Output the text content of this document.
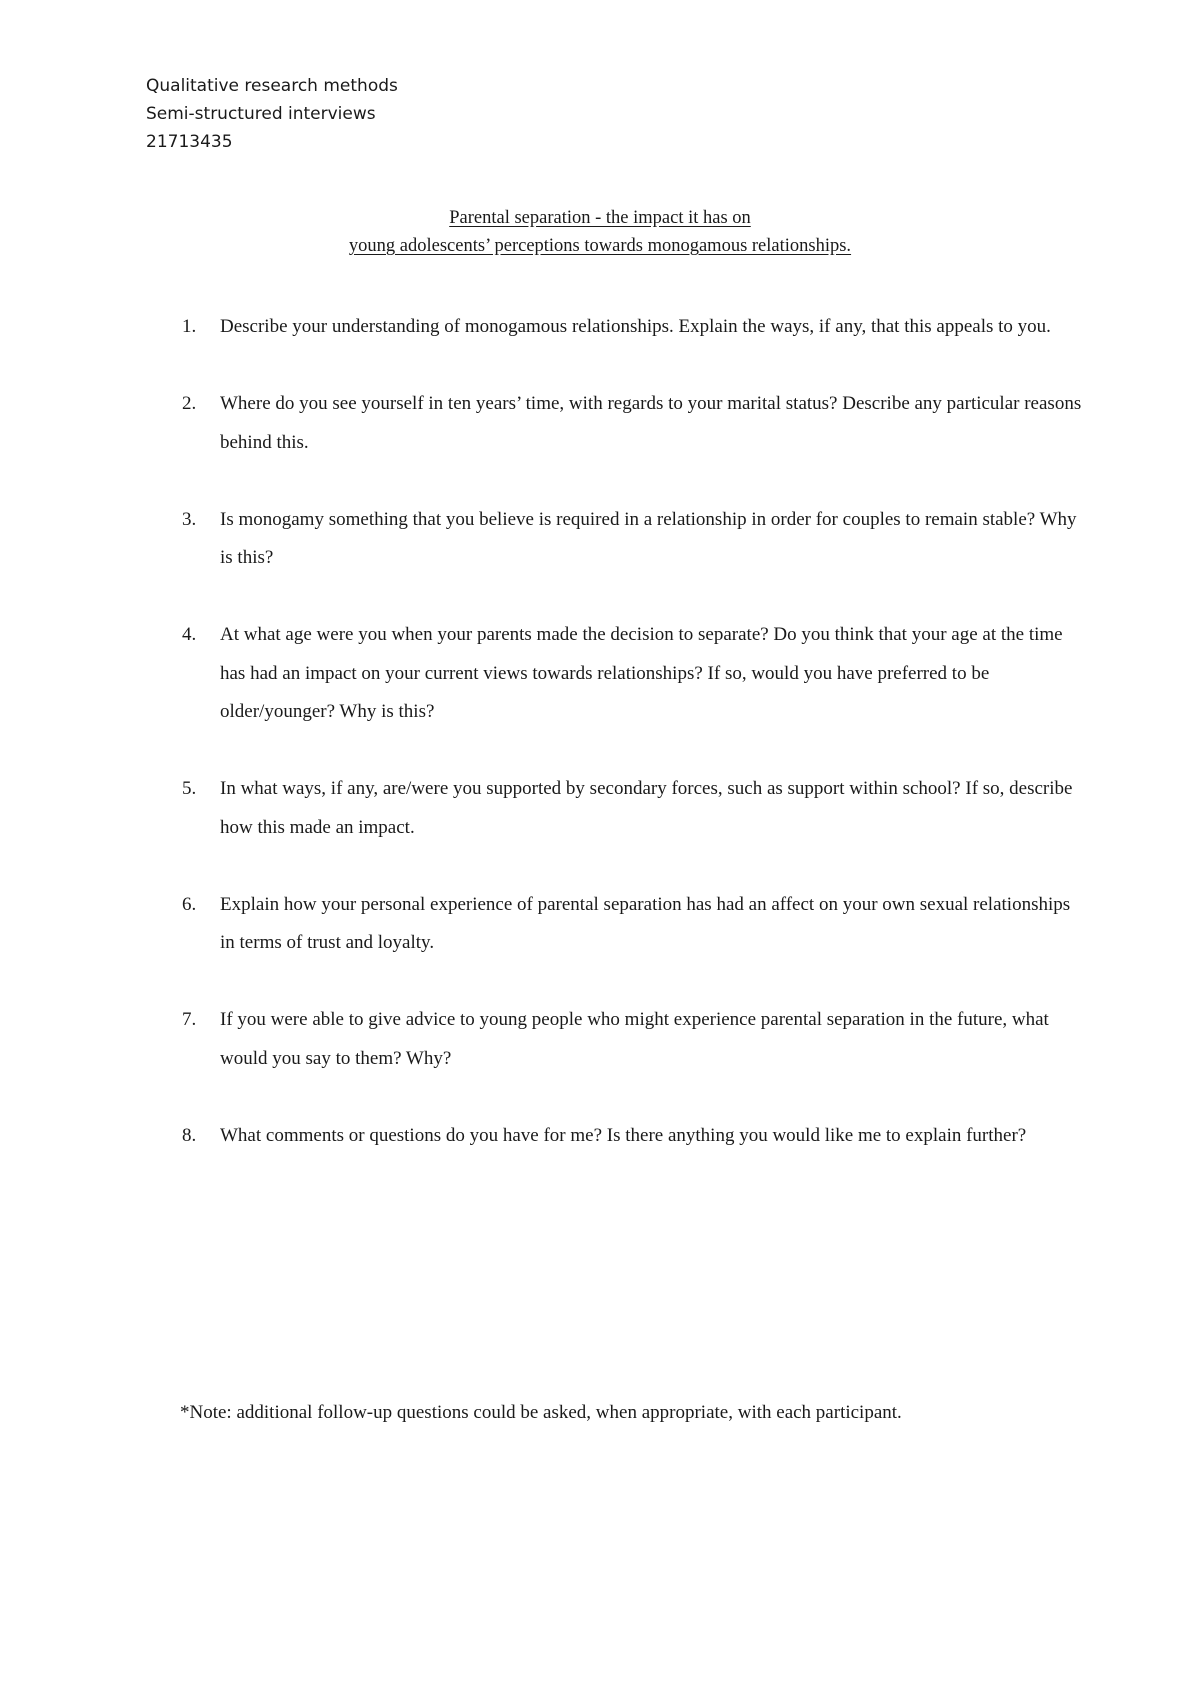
Qualitative research methods
Semi-structured interviews
21713435
Parental separation - the impact it has on
young adolescents’ perceptions towards monogamous relationships.
1. Describe your understanding of monogamous relationships. Explain the ways, if any, that this appeals to you.
2. Where do you see yourself in ten years’ time, with regards to your marital status? Describe any particular reasons behind this.
3. Is monogamy something that you believe is required in a relationship in order for couples to remain stable? Why is this?
4. At what age were you when your parents made the decision to separate? Do you think that your age at the time has had an impact on your current views towards relationships? If so, would you have preferred to be older/younger? Why is this?
5. In what ways, if any, are/were you supported by secondary forces, such as support within school? If so, describe how this made an impact.
6. Explain how your personal experience of parental separation has had an affect on your own sexual relationships in terms of trust and loyalty.
7. If you were able to give advice to young people who might experience parental separation in the future, what would you say to them? Why?
8. What comments or questions do you have for me? Is there anything you would like me to explain further?
*Note: additional follow-up questions could be asked, when appropriate, with each participant.
